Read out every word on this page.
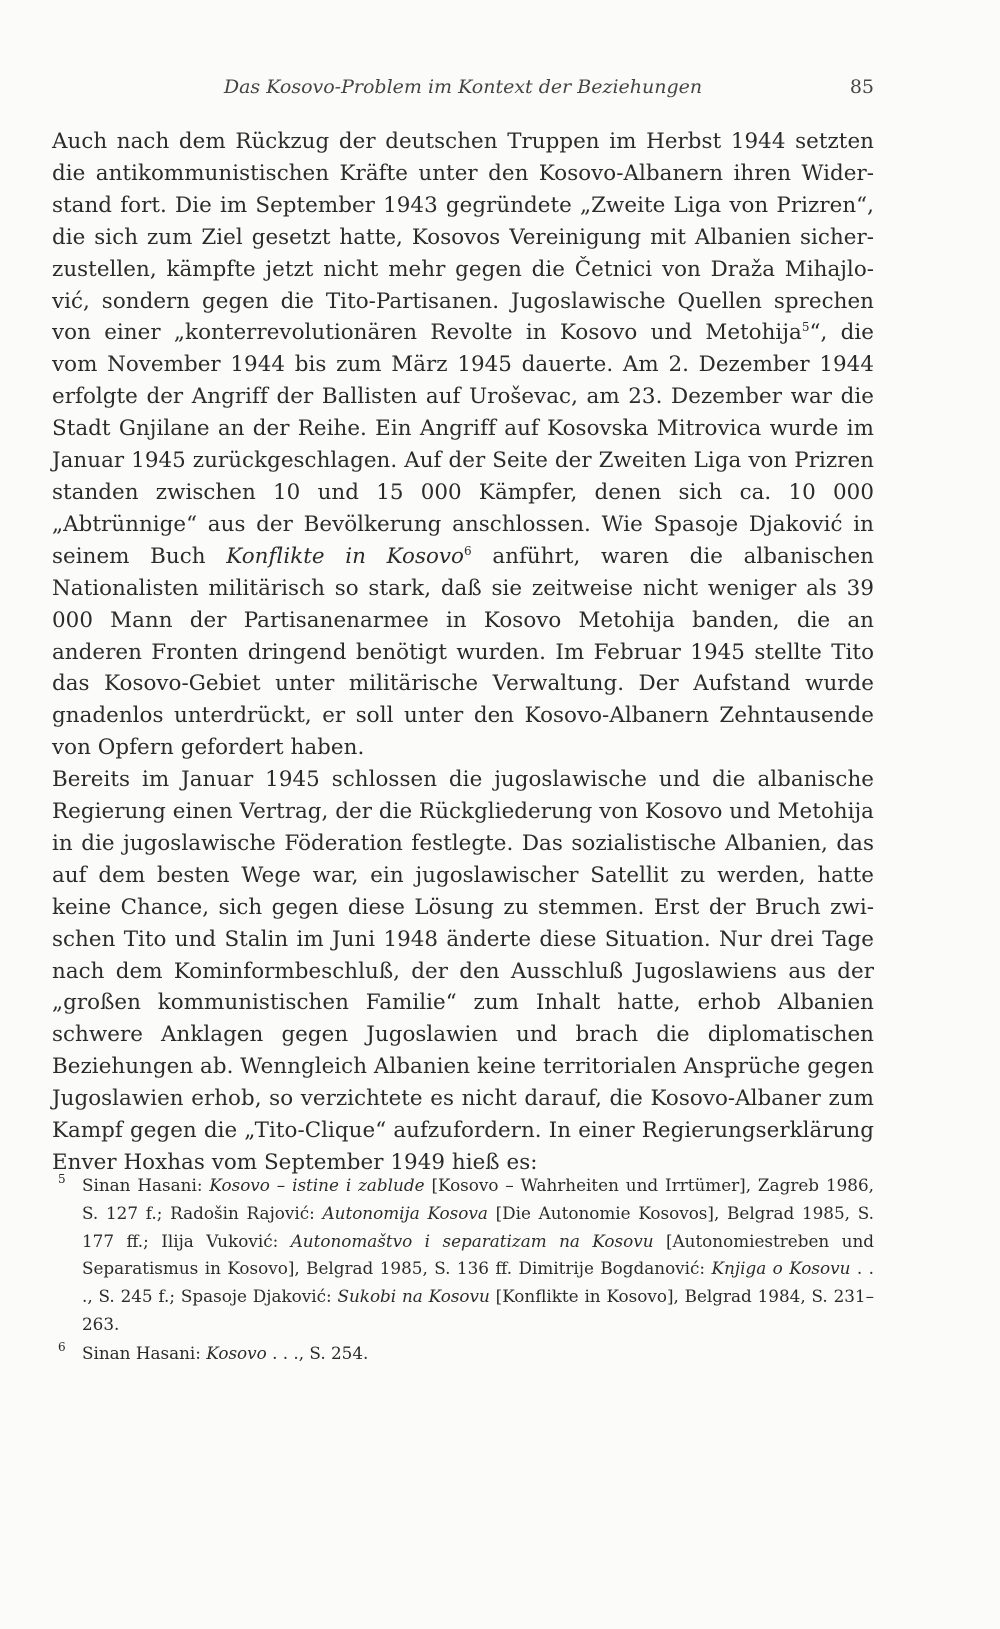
Das Kosovo-Problem im Kontext der Beziehungen	85

Auch nach dem Rückzug der deutschen Truppen im Herbst 1944 setzten die antikommunistischen Kräfte unter den Kosovo-Albanern ihren Widerstand fort. Die im September 1943 gegründete „Zweite Liga von Prizren“, die sich zum Ziel gesetzt hatte, Kosovos Vereinigung mit Albanien sicherzustellen, kämpfte jetzt nicht mehr gegen die Četnici von Draža Mihajlović, sondern gegen die Tito-Partisanen. Jugoslawische Quellen sprechen von einer „konterrevolutionären Revolte in Kosovo und Metohija$^5$“, die vom November 1944 bis zum März 1945 dauerte. Am 2. Dezember 1944 erfolgte der Angriff der Ballisten auf Uroševac, am 23. Dezember war die Stadt Gnjilane an der Reihe. Ein Angriff auf Kosovska Mitrovica wurde im Januar 1945 zurückgeschlagen. Auf der Seite der Zweiten Liga von Prizren standen zwischen 10 und 15 000 Kämpfer, denen sich ca. 10 000 „Abtrünnige“ aus der Bevölkerung anschlossen. Wie Spasoje Djaković in seinem Buch Konflikte in Kosovo$^6$ anführt, waren die albanischen Nationalisten militärisch so stark, daß sie zeitweise nicht weniger als 39 000 Mann der Partisanenarmee in Kosovo Metohija banden, die an anderen Fronten dringend benötigt wurden. Im Februar 1945 stellte Tito das Kosovo-Gebiet unter militärische Verwaltung. Der Aufstand wurde gnadenlos unterdrückt, er soll unter den Kosovo-Albanern Zehntausende von Opfern gefordert haben.

Bereits im Januar 1945 schlossen die jugoslawische und die albanische Regierung einen Vertrag, der die Rückgliederung von Kosovo und Metohija in die jugoslawische Föderation festlegte. Das sozialistische Albanien, das auf dem besten Wege war, ein jugoslawischer Satellit zu werden, hatte keine Chance, sich gegen diese Lösung zu stemmen. Erst der Bruch zwischen Tito und Stalin im Juni 1948 änderte diese Situation. Nur drei Tage nach dem Kominformbeschluß, der den Ausschluß Jugoslawiens aus der „großen kommunistischen Familie“ zum Inhalt hatte, erhob Albanien schwere Anklagen gegen Jugoslawien und brach die diplomatischen Beziehungen ab. Wenngleich Albanien keine territorialen Ansprüche gegen Jugoslawien erhob, so verzichtete es nicht darauf, die Kosovo-Albaner zum Kampf gegen die „Tito-Clique“ aufzufordern. In einer Regierungserklärung Enver Hoxhas vom September 1949 hieß es:

5 Sinan Hasani: Kosovo – istine i zablude [Kosovo – Wahrheiten und Irrtümer], Zagreb 1986, S. 127 f.; Radošin Rajović: Autonomija Kosova [Die Autonomie Kosovos], Belgrad 1985, S. 177 ff.; Ilija Vuković: Autonomaštvo i separatizam na Kosovu [Autonomiestreben und Separatismus in Kosovo], Belgrad 1985, S. 136 ff. Dimitrije Bogdanović: Knjiga o Kosovu . . ., S. 245 f.; Spasoje Djaković: Sukobi na Kosovu [Konflikte in Kosovo], Belgrad 1984, S. 231–263.

6 Sinan Hasani: Kosovo . . ., S. 254.
